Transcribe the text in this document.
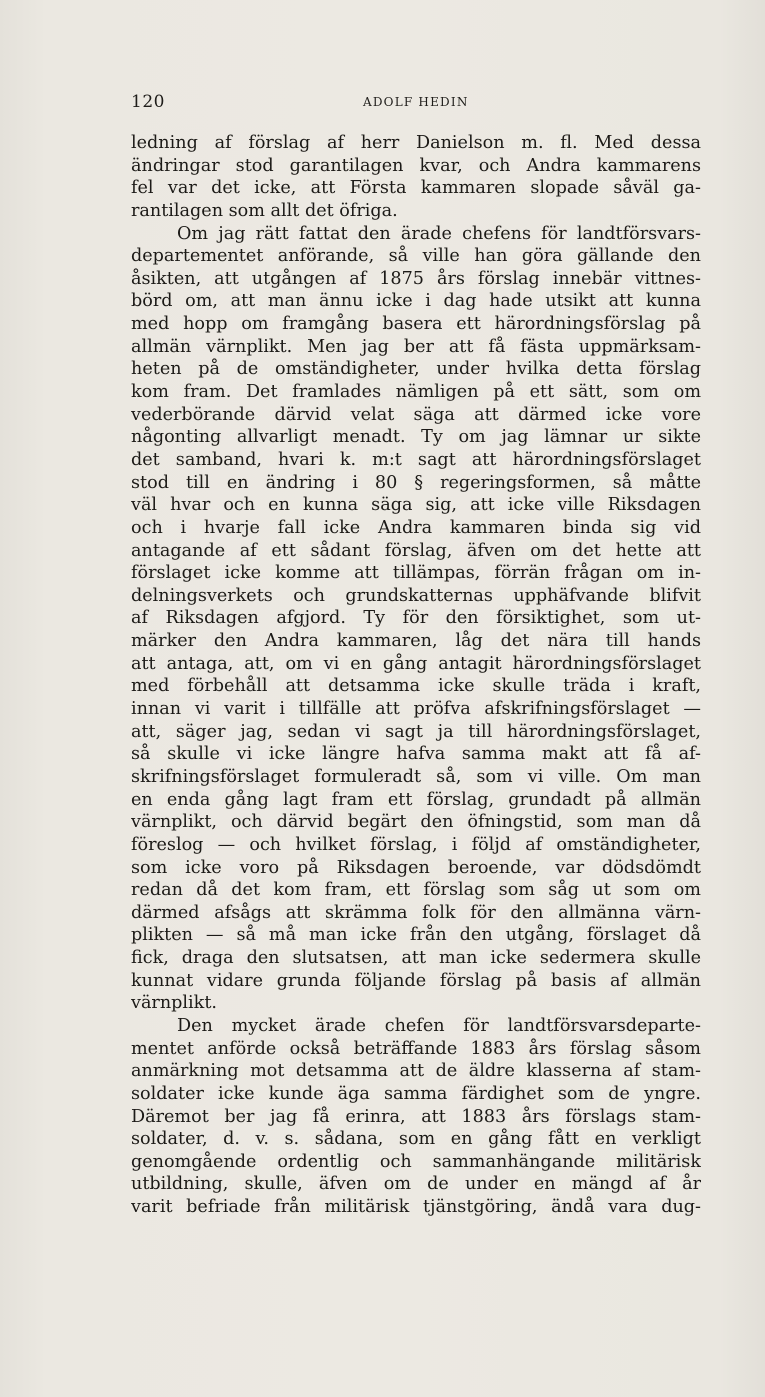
120	ADOLF HEDIN
ledning af förslag af herr Danielson m. fl. Med dessa
ändringar stod garantilagen kvar, och Andra kammarens
fel var det icke, att Första kammaren slopade såväl ga-
rantilagen som allt det öfriga.
Om jag rätt fattat den ärade chefens för landtförsvars-
departementet anförande, så ville han göra gällande den
åsikten, att utgången af 1875 års förslag innebär vittnes-
börd om, att man ännu icke i dag hade utsikt att kunna
med hopp om framgång basera ett härordningsförslag på
allmän värnplikt. Men jag ber att få fästa uppmärksam-
heten på de omständigheter, under hvilka detta förslag
kom fram. Det framlades nämligen på ett sätt, som om
vederbörande därvid velat säga att därmed icke vore
någonting allvarligt menadt. Ty om jag lämnar ur sikte
det samband, hvari k. m:t sagt att härordningsförslaget
stod till en ändring i 80 § regeringsformen, så måtte
väl hvar och en kunna säga sig, att icke ville Riksdagen
och i hvarje fall icke Andra kammaren binda sig vid
antagande af ett sådant förslag, äfven om det hette att
förslaget icke komme att tillämpas, förrän frågan om in-
delningsverkets och grundskatternas upphäfvande blifvit
af Riksdagen afgjord. Ty för den försiktighet, som ut-
märker den Andra kammaren, låg det nära till hands
att antaga, att, om vi en gång antagit härordningsförslaget
med förbehåll att detsamma icke skulle träda i kraft,
innan vi varit i tillfälle att pröfva afskrifningsförslaget —
att, säger jag, sedan vi sagt ja till härordningsförslaget,
så skulle vi icke längre hafva samma makt att få af-
skrifningsförslaget formuleradt så, som vi ville. Om man
en enda gång lagt fram ett förslag, grundadt på allmän
värnplikt, och därvid begärt den öfningstid, som man då
föreslog — och hvilket förslag, i följd af omständigheter,
som icke voro på Riksdagen beroende, var dödsdömdt
redan då det kom fram, ett förslag som såg ut som om
därmed afsågs att skrämma folk för den allmänna värn-
plikten — så må man icke från den utgång, förslaget då
fick, draga den slutsatsen, att man icke sedermera skulle
kunnat vidare grunda följande förslag på basis af allmän
värnplikt.
Den mycket ärade chefen för landtförsvarsdeparte-
mentet anförde också beträffande 1883 års förslag såsom
anmärkning mot detsamma att de äldre klasserna af stam-
soldater icke kunde äga samma färdighet som de yngre.
Däremot ber jag få erinra, att 1883 års förslags stam-
soldater, d. v. s. sådana, som en gång fått en verkligt
genomgående ordentlig och sammanhängande militärisk
utbildning, skulle, äfven om de under en mängd af år
varit befriade från militärisk tjänstgöring, ändå vara dug-
